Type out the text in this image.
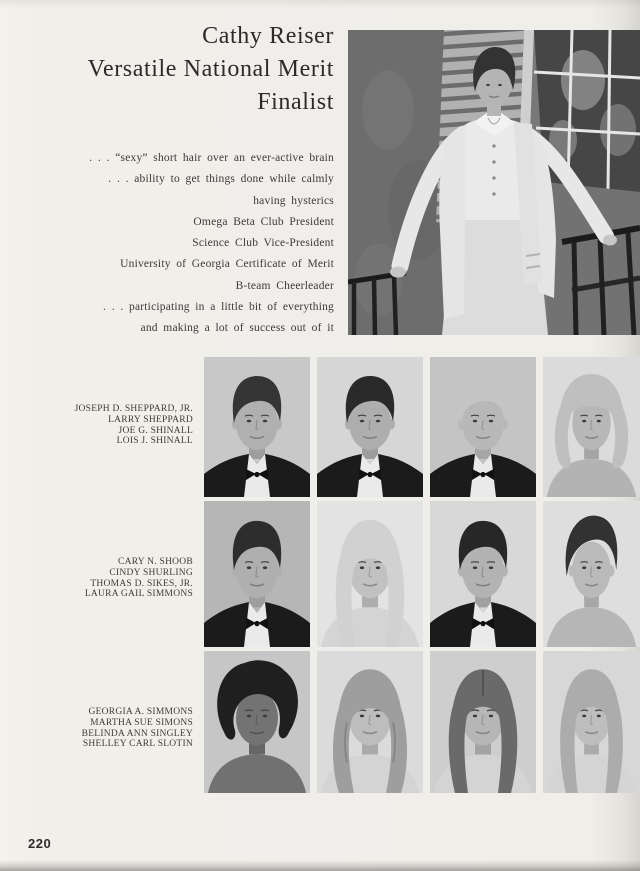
Cathy Reiser
Versatile National Merit
Finalist
. . . “sexy” short hair over an ever-active brain
. . . ability to get things done while calmly
having hysterics
Omega Beta Club President
Science Club Vice-President
University of Georgia Certificate of Merit
B-team Cheerleader
. . . participating in a little bit of everything
and making a lot of success out of it
JOSEPH D. SHEPPARD, JR.
LARRY SHEPPARD
JOE G. SHINALL
LOIS J. SHINALL
CARY N. SHOOB
CINDY SHURLING
THOMAS D. SIKES, JR.
LAURA GAIL SIMMONS
GEORGIA A. SIMMONS
MARTHA SUE SIMONS
BELINDA ANN SINGLEY
SHELLEY CARL SLOTIN
220
